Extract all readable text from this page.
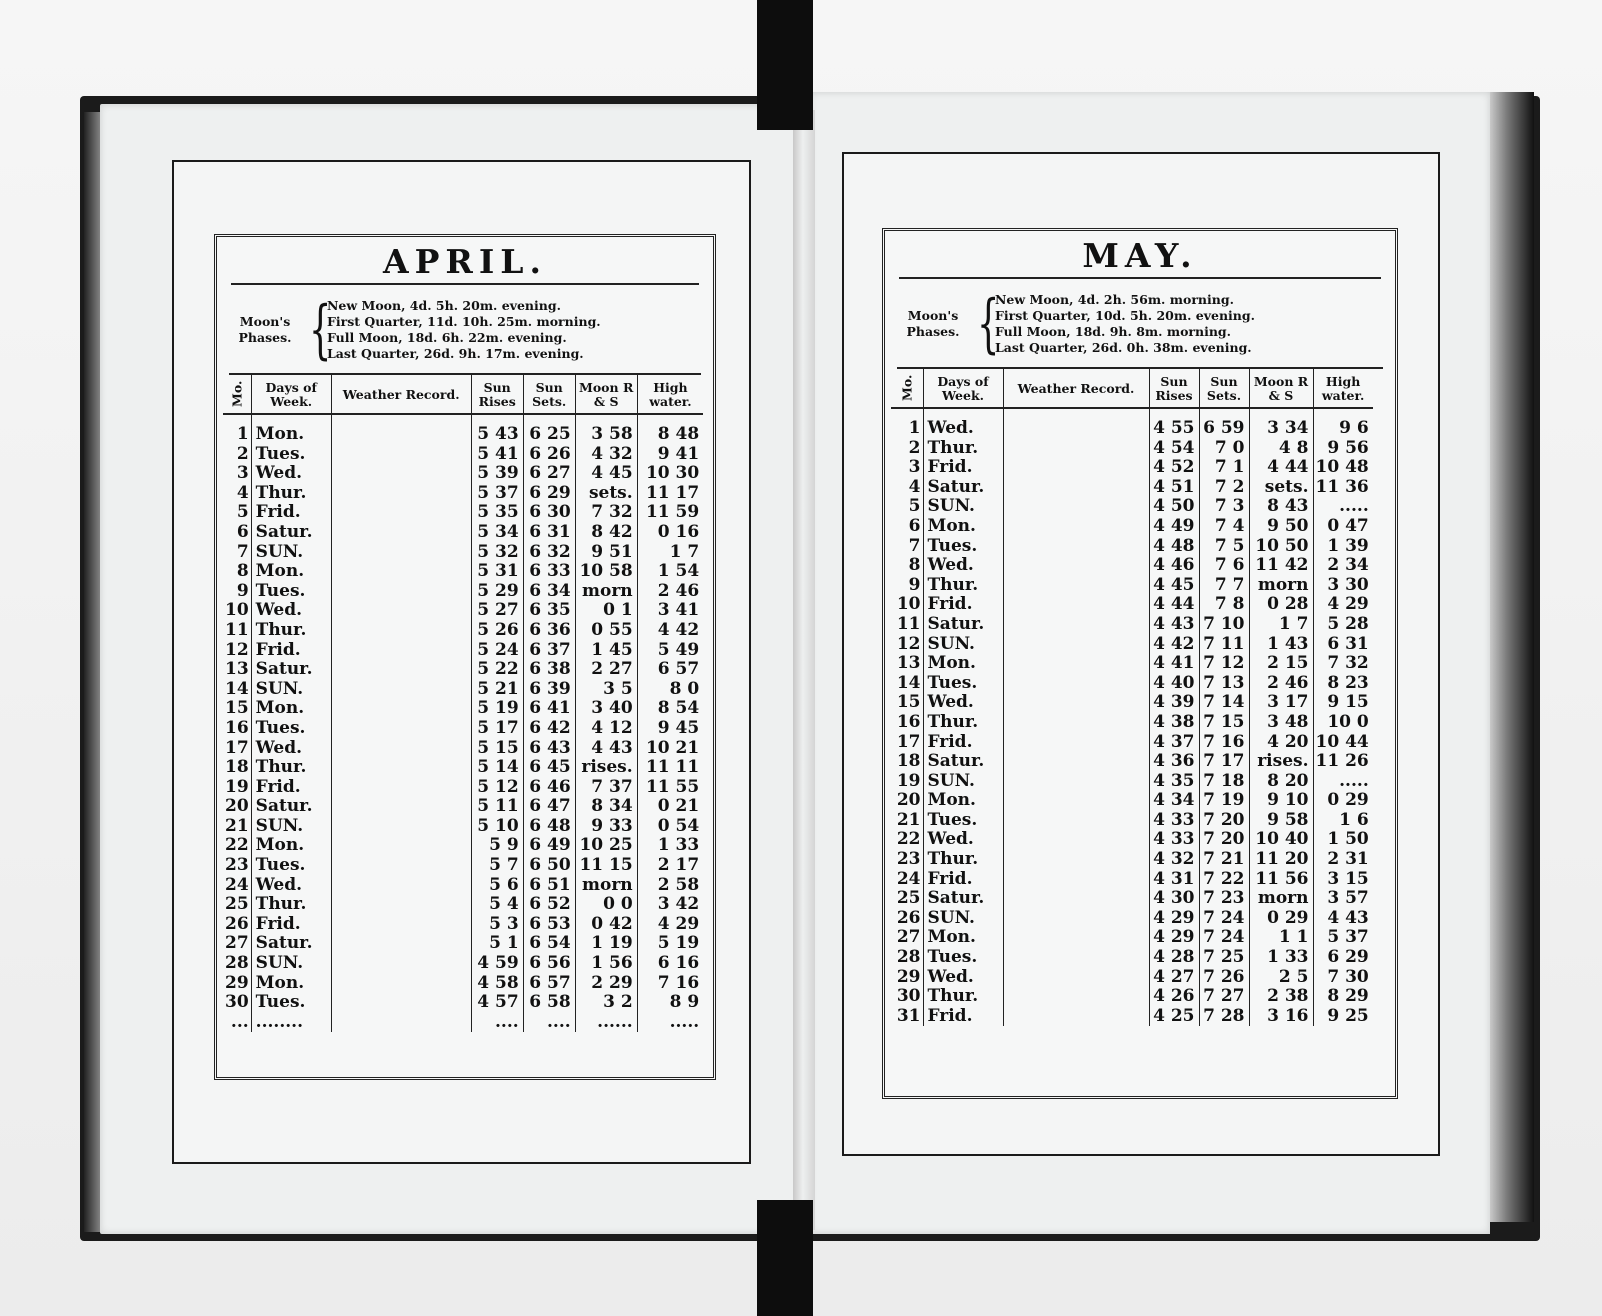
APRIL.
Moon's Phases. {
New Moon, 4d. 5h. 20m. evening.
First Quarter, 11d. 10h. 25m. morning.
Full Moon, 18d. 6h. 22m. evening.
Last Quarter, 26d. 9h. 17m. evening.
Mo.	Days of Week.	Weather Record.	Sun Rises	Sun Sets.	Moon R & S	High water.
1	Mon.		5 43	6 25	3 58	8 48
2	Tues.		5 41	6 26	4 32	9 41
3	Wed.		5 39	6 27	4 45	10 30
4	Thur.		5 37	6 29	sets.	11 17
5	Frid.		5 35	6 30	7 32	11 59
6	Satur.		5 34	6 31	8 42	0 16
7	SUN.		5 32	6 32	9 51	1 7
8	Mon.		5 31	6 33	10 58	1 54
9	Tues.		5 29	6 34	morn	2 46
10	Wed.		5 27	6 35	0 1	3 41
11	Thur.		5 26	6 36	0 55	4 42
12	Frid.		5 24	6 37	1 45	5 49
13	Satur.		5 22	6 38	2 27	6 57
14	SUN.		5 21	6 39	3 5	8 0
15	Mon.		5 19	6 41	3 40	8 54
16	Tues.		5 17	6 42	4 12	9 45
17	Wed.		5 15	6 43	4 43	10 21
18	Thur.		5 14	6 45	rises.	11 11
19	Frid.		5 12	6 46	7 37	11 55
20	Satur.		5 11	6 47	8 34	0 21
21	SUN.		5 10	6 48	9 33	0 54
22	Mon.		5 9	6 49	10 25	1 33
23	Tues.		5 7	6 50	11 15	2 17
24	Wed.		5 6	6 51	morn	2 58
25	Thur.		5 4	6 52	0 0	3 42
26	Frid.		5 3	6 53	0 42	4 29
27	Satur.		5 1	6 54	1 19	5 19
28	SUN.		4 59	6 56	1 56	6 16
29	Mon.		4 58	6 57	2 29	7 16
30	Tues.		4 57	6 58	3 2	8 9
...	........		....	....	......	.....
MAY.
Moon's Phases. {
New Moon, 4d. 2h. 56m. morning.
First Quarter, 10d. 5h. 20m. evening.
Full Moon, 18d. 9h. 8m. morning.
Last Quarter, 26d. 0h. 38m. evening.
Mo.	Days of Week.	Weather Record.	Sun Rises	Sun Sets.	Moon R & S	High water.
1	Wed.		4 55	6 59	3 34	9 6
2	Thur.		4 54	7 0	4 8	9 56
3	Frid.		4 52	7 1	4 44	10 48
4	Satur.		4 51	7 2	sets.	11 36
5	SUN.		4 50	7 3	8 43	.....
6	Mon.		4 49	7 4	9 50	0 47
7	Tues.		4 48	7 5	10 50	1 39
8	Wed.		4 46	7 6	11 42	2 34
9	Thur.		4 45	7 7	morn	3 30
10	Frid.		4 44	7 8	0 28	4 29
11	Satur.		4 43	7 10	1 7	5 28
12	SUN.		4 42	7 11	1 43	6 31
13	Mon.		4 41	7 12	2 15	7 32
14	Tues.		4 40	7 13	2 46	8 23
15	Wed.		4 39	7 14	3 17	9 15
16	Thur.		4 38	7 15	3 48	10 0
17	Frid.		4 37	7 16	4 20	10 44
18	Satur.		4 36	7 17	rises.	11 26
19	SUN.		4 35	7 18	8 20	.....
20	Mon.		4 34	7 19	9 10	0 29
21	Tues.		4 33	7 20	9 58	1 6
22	Wed.		4 33	7 20	10 40	1 50
23	Thur.		4 32	7 21	11 20	2 31
24	Frid.		4 31	7 22	11 56	3 15
25	Satur.		4 30	7 23	morn	3 57
26	SUN.		4 29	7 24	0 29	4 43
27	Mon.		4 29	7 24	1 1	5 37
28	Tues.		4 28	7 25	1 33	6 29
29	Wed.		4 27	7 26	2 5	7 30
30	Thur.		4 26	7 27	2 38	8 29
31	Frid.		4 25	7 28	3 16	9 25
